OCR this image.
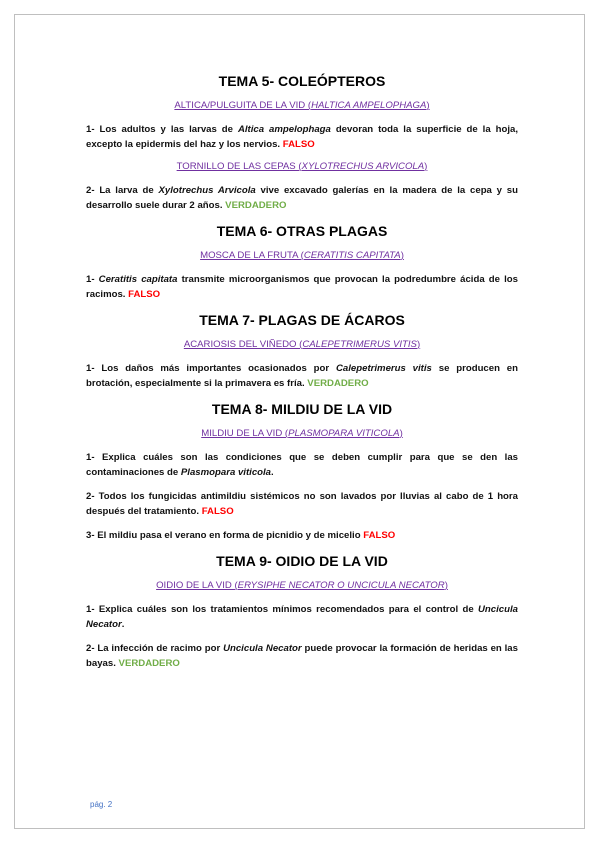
TEMA 5- COLEÓPTEROS
ALTICA/PULGUITA DE LA VID (HALTICA AMPELOPHAGA)
1- Los adultos y las larvas de Altica ampelophaga devoran toda la superficie de la hoja, excepto la epidermis del haz y los nervios. FALSO
TORNILLO DE LAS CEPAS (XYLOTRECHUS ARVICOLA)
2- La larva de Xylotrechus Arvicola vive excavado galerías en la madera de la cepa y su desarrollo suele durar 2 años. VERDADERO
TEMA 6- OTRAS PLAGAS
MOSCA DE LA FRUTA (CERATITIS CAPITATA)
1- Ceratitis capitata transmite microorganismos que provocan la podredumbre ácida de los racimos. FALSO
TEMA 7- PLAGAS DE ÁCAROS
ACARIOSIS DEL VIÑEDO (CALEPETRIMERUS VITIS)
1- Los daños más importantes ocasionados por Calepetrimerus vitis se producen en brotación, especialmente si la primavera es fría. VERDADERO
TEMA 8- MILDIU DE LA VID
MILDIU DE LA VID (PLASMOPARA VITICOLA)
1- Explica cuáles son las condiciones que se deben cumplir para que se den las contaminaciones de Plasmopara viticola.
2- Todos los fungicidas antimildiu sistémicos no son lavados por lluvias al cabo de 1 hora después del tratamiento. FALSO
3- El mildiu pasa el verano en forma de picnidio y de micelio FALSO
TEMA 9- OIDIO DE LA VID
OIDIO DE LA VID (ERYSIPHE NECATOR O UNCICULA NECATOR)
1- Explica cuáles son los tratamientos mínimos recomendados para el control de Uncicula Necator.
2- La infección de racimo por Uncicula Necator puede provocar la formación de heridas en las bayas. VERDADERO
pág. 2
